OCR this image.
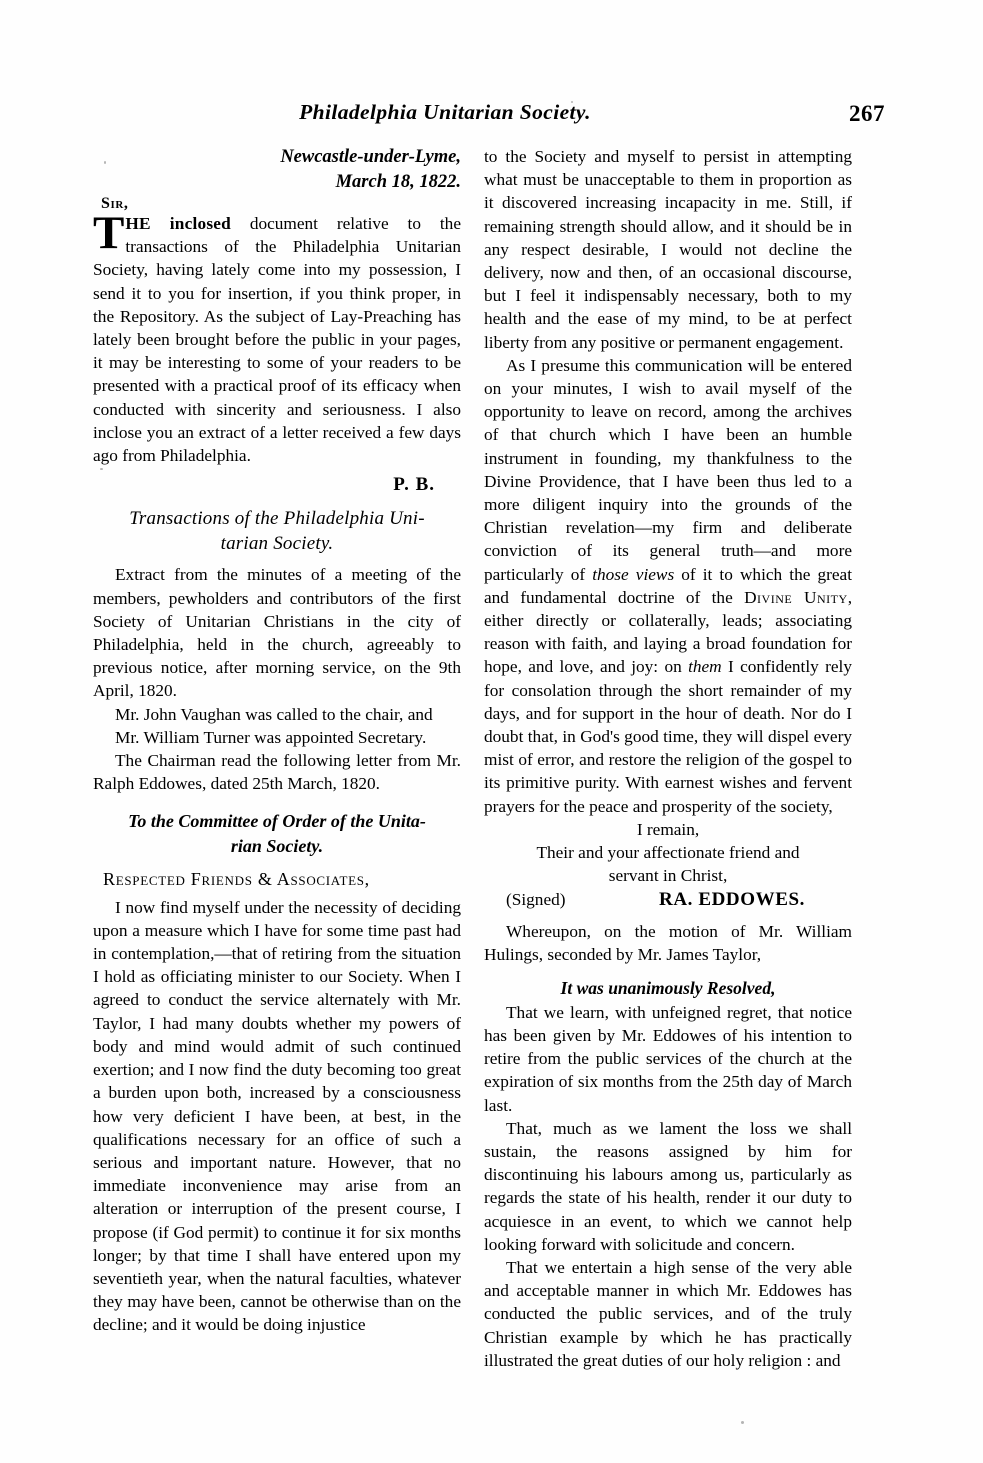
Philadelphia Unitarian Society.	267
Newcastle-under-Lyme,
March 18, 1822.
Sir,

THE inclosed document relative to the transactions of the Philadelphia Unitarian Society, having lately come into my possession, I send it to you for insertion, if you think proper, in the Repository. As the subject of Lay-Preaching has lately been brought before the public in your pages, it may be interesting to some of your readers to be presented with a practical proof of its efficacy when conducted with sincerity and seriousness. I also inclose you an extract of a letter received a few days ago from Philadelphia.

P. B.
Transactions of the Philadelphia Uni-
tarian Society.

Extract from the minutes of a meeting of the members, pewholders and contributors of the first Society of Unitarian Christians in the city of Philadelphia, held in the church, agreeably to previous notice, after morning service, on the 9th April, 1820.

Mr. John Vaughan was called to the chair, and

Mr. William Turner was appointed Secretary.

The Chairman read the following letter from Mr. Ralph Eddowes, dated 25th March, 1820.

To the Committee of Order of the Unita-
rian Society.
Respected Friends & Associates,

I now find myself under the necessity of deciding upon a measure which I have for some time past had in contemplation,—that of retiring from the situation I hold as officiating minister to our Society. When I agreed to conduct the service alternately with Mr. Taylor, I had many doubts whether my powers of body and mind would admit of such continued exertion; and I now find the duty becoming too great a burden upon both, increased by a consciousness how very deficient I have been, at best, in the qualifications necessary for an office of such a serious and important nature. However, that no immediate inconvenience may arise from an alteration or interruption of the present course, I propose (if God permit) to continue it for six months longer; by that time I shall have entered upon my seventieth year, when the natural faculties, whatever they may have been, cannot be otherwise than on the decline; and it would be doing injustice

to the Society and myself to persist in attempting what must be unacceptable to them in proportion as it discovered increasing incapacity in me. Still, if remaining strength should allow, and it should be in any respect desirable, I would not decline the delivery, now and then, of an occasional discourse, but I feel it indispensably necessary, both to my health and the ease of my mind, to be at perfect liberty from any positive or permanent engagement.

As I presume this communication will be entered on your minutes, I wish to avail myself of the opportunity to leave on record, among the archives of that church which I have been an humble instrument in founding, my thankfulness to the Divine Providence, that I have been thus led to a more diligent inquiry into the grounds of the Christian revelation—my firm and deliberate conviction of its general truth—and more particularly of those views of it to which the great and fundamental doctrine of the Divine Unity, either directly or collaterally, leads; associating reason with faith, and laying a broad foundation for hope, and love, and joy: on them I confidently rely for consolation through the short remainder of my days, and for support in the hour of death. Nor do I doubt that, in God's good time, they will dispel every mist of error, and restore the religion of the gospel to its primitive purity. With earnest wishes and fervent prayers for the peace and prosperity of the society,

I remain,
Their and your affectionate friend and
servant in Christ,
(Signed)	RA. EDDOWES.

Whereupon, on the motion of Mr. William Hulings, seconded by Mr. James Taylor,

It was unanimously Resolved,

That we learn, with unfeigned regret, that notice has been given by Mr. Eddowes of his intention to retire from the public services of the church at the expiration of six months from the 25th day of March last.

That, much as we lament the loss we shall sustain, the reasons assigned by him for discontinuing his labours among us, particularly as regards the state of his health, render it our duty to acquiesce in an event, to which we cannot help looking forward with solicitude and concern.

That we entertain a high sense of the very able and acceptable manner in which Mr. Eddowes has conducted the public services, and of the truly Christian example by which he has practically illustrated the great duties of our holy religion : and
